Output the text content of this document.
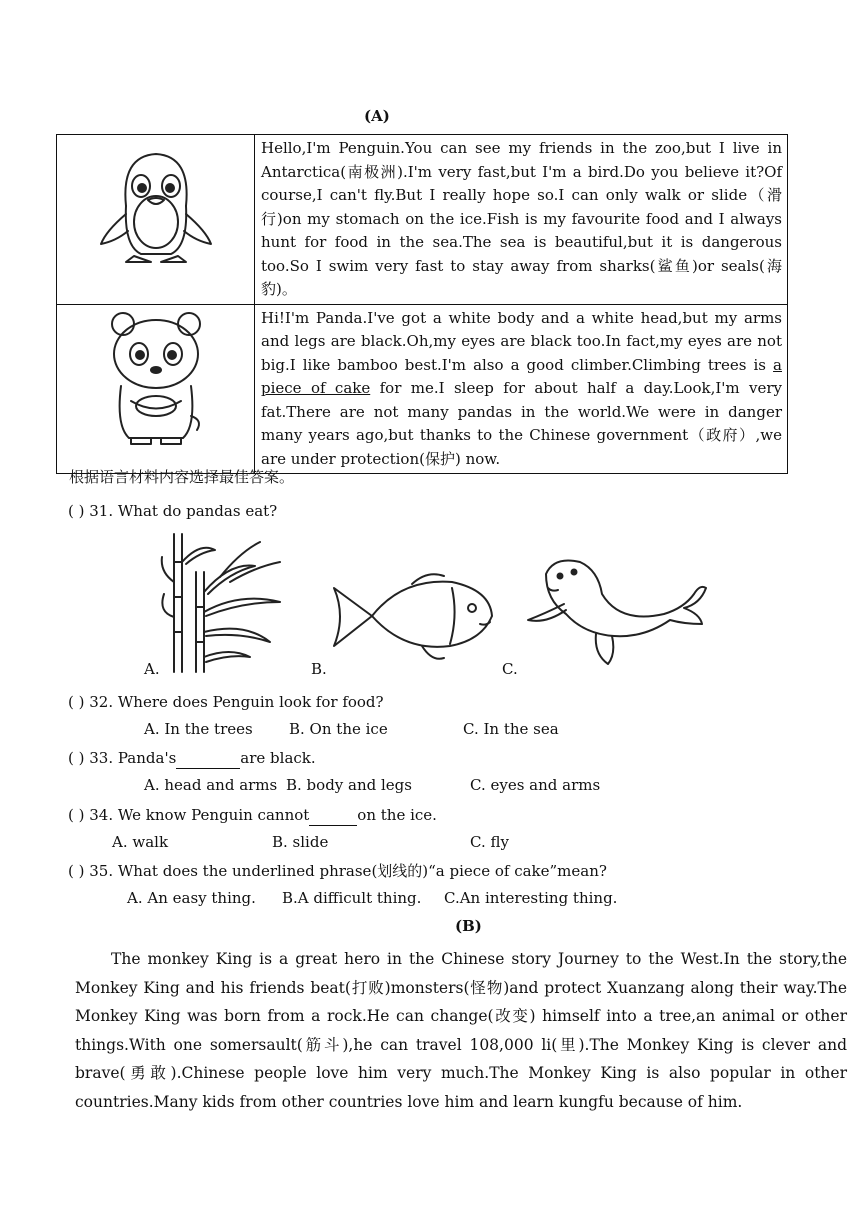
(A)
	Hello,I'm Penguin.You can see my friends in the zoo,but I live in Antarctica(南极洲).I'm very fast,but I'm a bird.Do you believe it?Of course,I can't fly.But I really hope so.I can only walk or slide（滑行)on my stomach on the ice.Fish is my favourite food and I always hunt for food in the sea.The sea is beautiful,but it is dangerous too.So I swim very fast to stay away from sharks(鲨鱼)or seals(海豹)。
	Hi!I'm Panda.I've got a white body and a white head,but my arms and legs are black.Oh,my eyes are black too.In fact,my eyes are not big.I like bamboo best.I'm also a good climber.Climbing trees is a piece of cake for me.I sleep for about half a day.Look,I'm very fat.There are not many pandas in the world.We were in danger many years ago,but thanks to the Chinese government（政府）,we are under protection(保护) now.
根据语言材料内容选择最佳答案。
( ) 31. What do pandas eat?
A.	B.	C.
( ) 32. Where does Penguin look for food?
A. In the trees B. On the ice	C. In the sea
( ) 33. Panda's	are black.
A. head and arms B. body and legs	C. eyes and arms
( ) 34. We know Penguin cannot	on the ice.
A. walk	B. slide	C. fly
( ) 35. What does the underlined phrase(划线的)“a piece of cake”mean?
A. An easy thing. B.A difficult thing. C.An interesting thing.
(B)
The monkey King is a great hero in the Chinese story Journey to the West.In the story,the Monkey King and his friends beat(打败)monsters(怪物)and protect Xuanzang along their way.The Monkey King was born from a rock.He can change(改变) himself into a tree,an animal or other things.With one somersault(筋斗),he can travel 108,000 li(里).The Monkey King is clever and brave(勇敢).Chinese people love him very much.The Monkey King is also popular in other countries.Many kids from other countries love him and learn kungfu because of him.
